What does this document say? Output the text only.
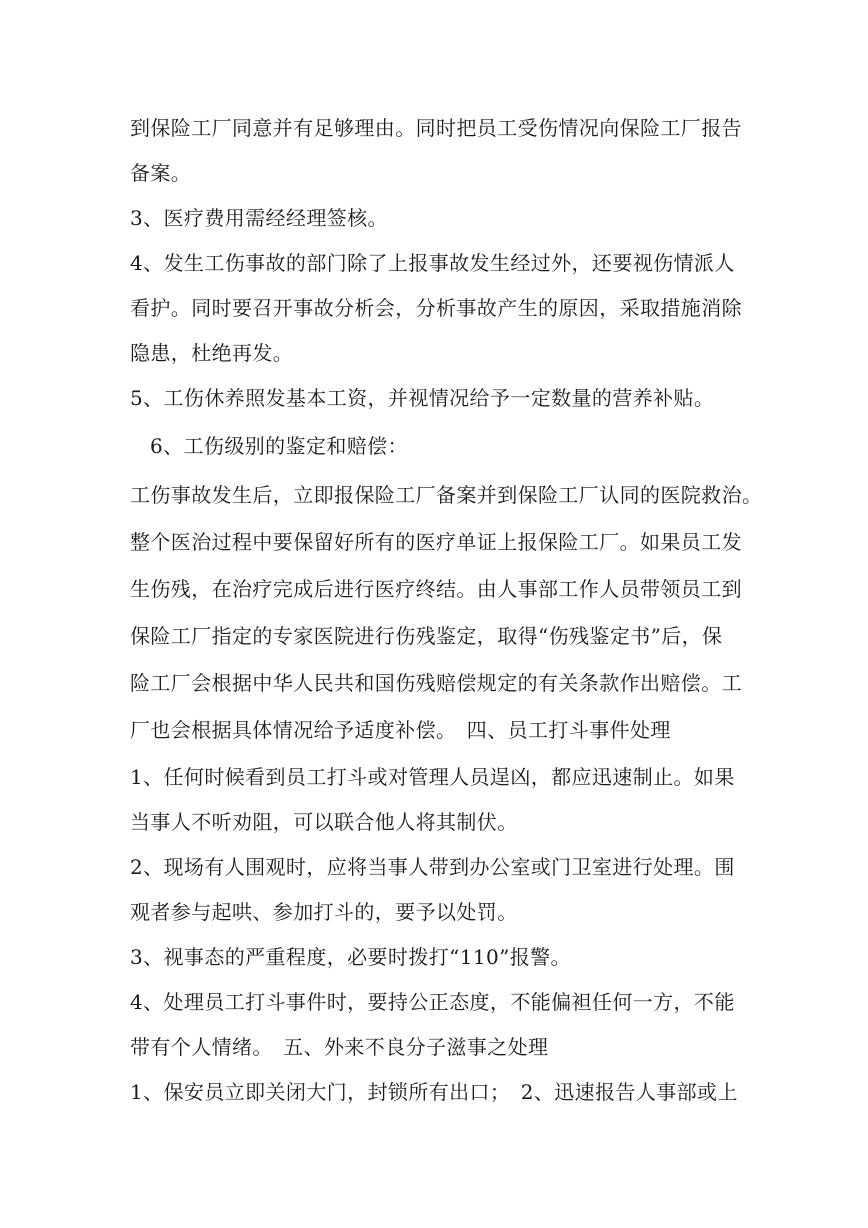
到保险工厂同意并有足够理由。同时把员工受伤情况向保险工厂报告
备案。
3、医疗费用需经经理签核。
4、发生工伤事故的部门除了上报事故发生经过外，还要视伤情派人
看护。同时要召开事故分析会，分析事故产生的原因，采取措施消除
隐患，杜绝再发。
5、工伤休养照发基本工资，并视情况给予一定数量的营养补贴。
6、工伤级别的鉴定和赔偿：
工伤事故发生后，立即报保险工厂备案并到保险工厂认同的医院救治。
整个医治过程中要保留好所有的医疗单证上报保险工厂。如果员工发
生伤残，在治疗完成后进行医疗终结。由人事部工作人员带领员工到
保险工厂指定的专家医院进行伤残鉴定，取得“伤残鉴定书”后，保
险工厂会根据中华人民共和国伤残赔偿规定的有关条款作出赔偿。工
厂也会根据具体情况给予适度补偿。　四、员工打斗事件处理
1、任何时候看到员工打斗或对管理人员逞凶，都应迅速制止。如果
当事人不听劝阻，可以联合他人将其制伏。
2、现场有人围观时，应将当事人带到办公室或门卫室进行处理。围
观者参与起哄、参加打斗的，要予以处罚。
3、视事态的严重程度，必要时拨打“110”报警。
4、处理员工打斗事件时，要持公正态度，不能偏袒任何一方，不能
带有个人情绪。　五、外来不良分子滋事之处理
1、保安员立即关闭大门，封锁所有出口；　2、迅速报告人事部或上
